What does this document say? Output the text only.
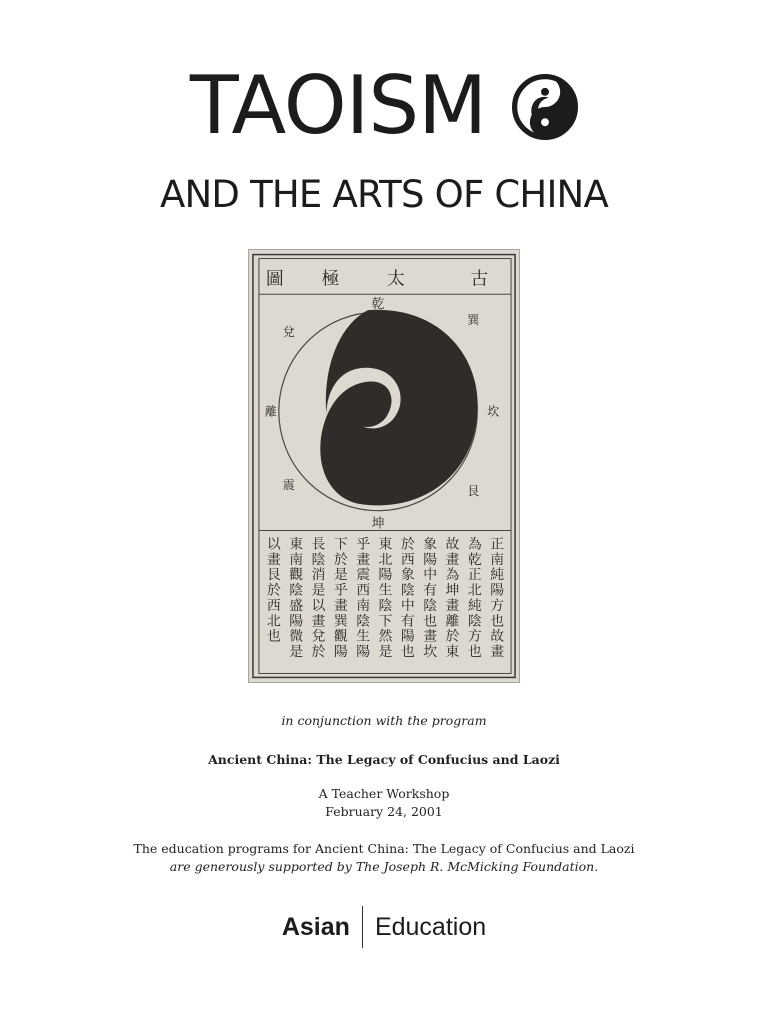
TAOISM
AND THE ARTS OF CHINA
古
太
極
圖
乾
坤
兌
離
震
巽
坎
艮
正南純陽方也故畫
為乾正北純陰方也
故畫為坤畫離於東
象陽中有陰也畫坎
於西象陰中有陽也
東北陽生陰下然是
乎畫震西南陰生陽
下於是乎畫巽觀陽
長陰消是以畫兌於
東南觀陰盛陽微是
以畫艮於西北也
in conjunction with the program
Ancient China: The Legacy of Confucius and Laozi
A Teacher Workshop
February 24, 2001
The education programs for Ancient China: The Legacy of Confucius and Laozi
are generously supported by The Joseph R. McMicking Foundation.
Asian Education
